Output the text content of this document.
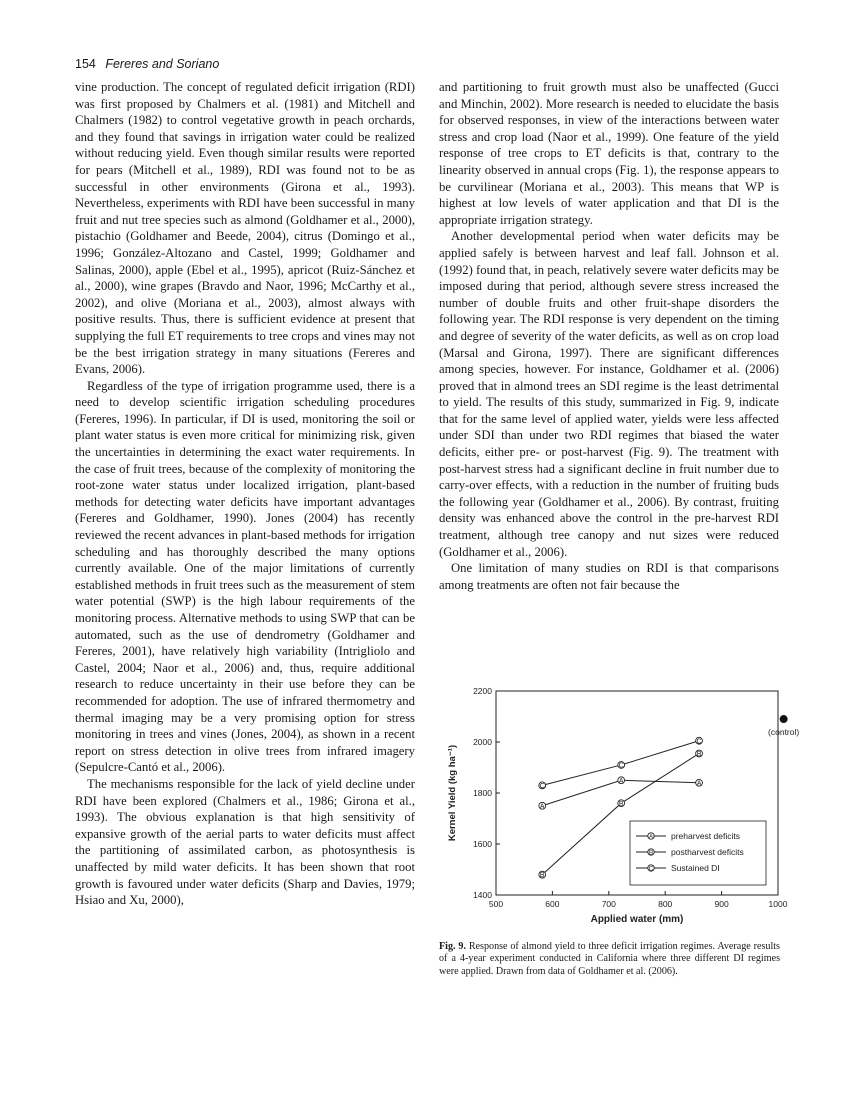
154 Fereres and Soriano

vine production. The concept of regulated deficit irrigation (RDI) was first proposed by Chalmers et al. (1981) and Mitchell and Chalmers (1982) to control vegetative growth in peach orchards, and they found that savings in irrigation water could be realized without reducing yield. Even though similar results were reported for pears (Mitchell et al., 1989), RDI was found not to be as successful in other environments (Girona et al., 1993). Nevertheless, experiments with RDI have been successful in many fruit and nut tree species such as almond (Goldhamer et al., 2000), pistachio (Goldhamer and Beede, 2004), citrus (Domingo et al., 1996; González-Altozano and Castel, 1999; Goldhamer and Salinas, 2000), apple (Ebel et al., 1995), apricot (Ruiz-Sánchez et al., 2000), wine grapes (Bravdo and Naor, 1996; McCarthy et al., 2002), and olive (Moriana et al., 2003), almost always with positive results. Thus, there is sufficient evidence at present that supplying the full ET requirements to tree crops and vines may not be the best irrigation strategy in many situations (Fereres and Evans, 2006).

Regardless of the type of irrigation programme used, there is a need to develop scientific irrigation scheduling procedures (Fereres, 1996). In particular, if DI is used, monitoring the soil or plant water status is even more critical for minimizing risk, given the uncertainties in determining the exact water requirements. In the case of fruit trees, because of the complexity of monitoring the root-zone water status under localized irrigation, plant-based methods for detecting water deficits have important advantages (Fereres and Goldhamer, 1990). Jones (2004) has recently reviewed the recent advances in plant-based methods for irrigation scheduling and has thoroughly described the many options currently available. One of the major limitations of currently established methods in fruit trees such as the measurement of stem water potential (SWP) is the high labour requirements of the monitoring process. Alternative methods to using SWP that can be automated, such as the use of dendrometry (Goldhamer and Fereres, 2001), have relatively high variability (Intrigliolo and Castel, 2004; Naor et al., 2006) and, thus, require additional research to reduce uncertainty in their use before they can be recommended for adoption. The use of infrared thermometry and thermal imaging may be a very promising option for stress monitoring in trees and vines (Jones, 2004), as shown in a recent report on stress detection in olive trees from infrared imagery (Sepulcre-Cantó et al., 2006).

The mechanisms responsible for the lack of yield decline under RDI have been explored (Chalmers et al., 1986; Girona et al., 1993). The obvious explanation is that high sensitivity of expansive growth of the aerial parts to water deficits must affect the partitioning of assimilated carbon, as photosynthesis is unaffected by mild water deficits. It has been shown that root growth is favoured under water deficits (Sharp and Davies, 1979; Hsiao and Xu, 2000),

and partitioning to fruit growth must also be unaffected (Gucci and Minchin, 2002). More research is needed to elucidate the basis for observed responses, in view of the interactions between water stress and crop load (Naor et al., 1999). One feature of the yield response of tree crops to ET deficits is that, contrary to the linearity observed in annual crops (Fig. 1), the response appears to be curvilinear (Moriana et al., 2003). This means that WP is highest at low levels of water application and that DI is the appropriate irrigation strategy.

Another developmental period when water deficits may be applied safely is between harvest and leaf fall. Johnson et al. (1992) found that, in peach, relatively severe water deficits may be imposed during that period, although severe stress increased the number of double fruits and other fruit-shape disorders the following year. The RDI response is very dependent on the timing and degree of severity of the water deficits, as well as on crop load (Marsal and Girona, 1997). There are significant differences among species, however. For instance, Goldhamer et al. (2006) proved that in almond trees an SDI regime is the least detrimental to yield. The results of this study, summarized in Fig. 9, indicate that for the same level of applied water, yields were less affected under SDI than under two RDI regimes that biased the water deficits, either pre- or post-harvest (Fig. 9). The treatment with post-harvest stress had a significant decline in fruit number due to carry-over effects, with a reduction in the number of fruiting buds the following year (Goldhamer et al., 2006). By contrast, fruiting density was enhanced above the control in the pre-harvest RDI treatment, although tree canopy and nut sizes were reduced (Goldhamer et al., 2006).

One limitation of many studies on RDI is that comparisons among treatments are often not fair because the

500	600	700	800	900	1000
1400
1600
1800
2000
2200
Applied water (mm)
Kernel Yield (kg ha⁻¹)	A
A	A
B
B
B
C
C
C
(control)
A preharvest deficits
B postharvest deficits
C Sustained DI
Fig. 9. Response of almond yield to three deficit irrigation regimes. Average results of a 4-year experiment conducted in California where three different DI regimes were applied. Drawn from data of Goldhamer et al. (2006).
